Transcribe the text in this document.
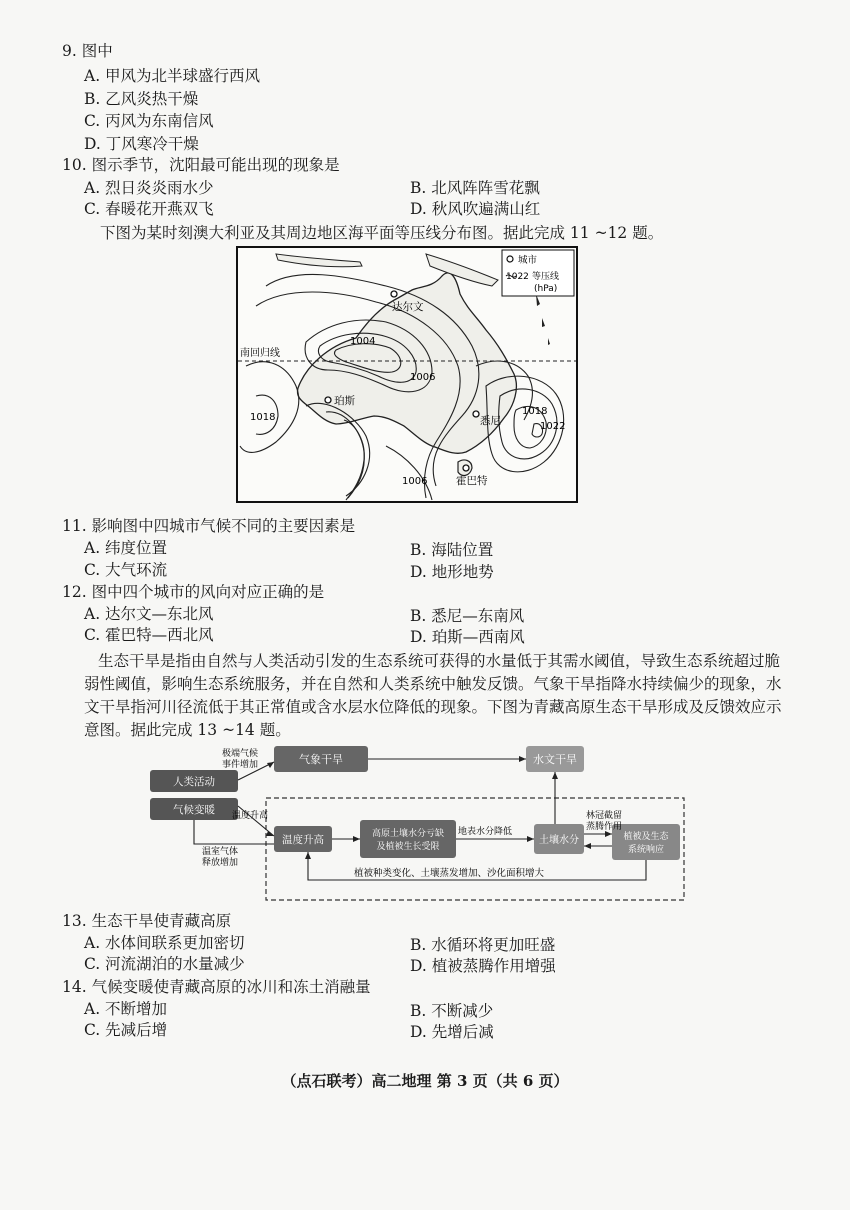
9. 图中
A. 甲风为北半球盛行西风
B. 乙风炎热干燥
C. 丙风为东南信风
D. 丁风寒冷干燥
10. 图示季节，沈阳最可能出现的现象是
A. 烈日炎炎雨水少	B. 北风阵阵雪花飘
C. 春暖花开燕双飞	D. 秋风吹遍满山红
下图为某时刻澳大利亚及其周边地区海平面等压线分布图。据此完成 11 ~12 题。
南回归线
1004
1006
1018
1018
1022
1006
达尔文
珀斯
悉尼
霍巴特
城市
1022 等压线
(hPa)
11. 影响图中四城市气候不同的主要因素是
A. 纬度位置	B. 海陆位置
C. 大气环流	D. 地形地势
12. 图中四个城市的风向对应正确的是
A. 达尔文—东北风	B. 悉尼—东南风
C. 霍巴特—西北风	D. 珀斯—西南风
生态干旱是指由自然与人类活动引发的生态系统可获得的水量低于其需水阈值，导致生态系统超过脆弱性阈值，影响生态系统服务，并在自然和人类系统中触发反馈。气象干旱指降水持续偏少的现象，水文干旱指河川径流低于其正常值或含水层水位降低的现象。下图为青藏高原生态干旱形成及反馈效应示意图。据此完成 13 ~14 题。
人类活动
气候变暖
气象干旱	水文干旱
温度升高	高原土壤水分亏缺
及植被生长受限
土壤水分	植被及生态
系统响应
极端气候
事件增加
温度升高
温室气体
释放增加
地表水分降低
林冠截留
蒸腾作用
植被种类变化、土壤蒸发增加、沙化面积增大
13. 生态干旱使青藏高原
A. 水体间联系更加密切	B. 水循环将更加旺盛
C. 河流湖泊的水量减少	D. 植被蒸腾作用增强
14. 气候变暖使青藏高原的冰川和冻土消融量
A. 不断增加	B. 不断减少
C. 先减后增	D. 先增后减
（点石联考）高二地理 第 3 页（共 6 页）
